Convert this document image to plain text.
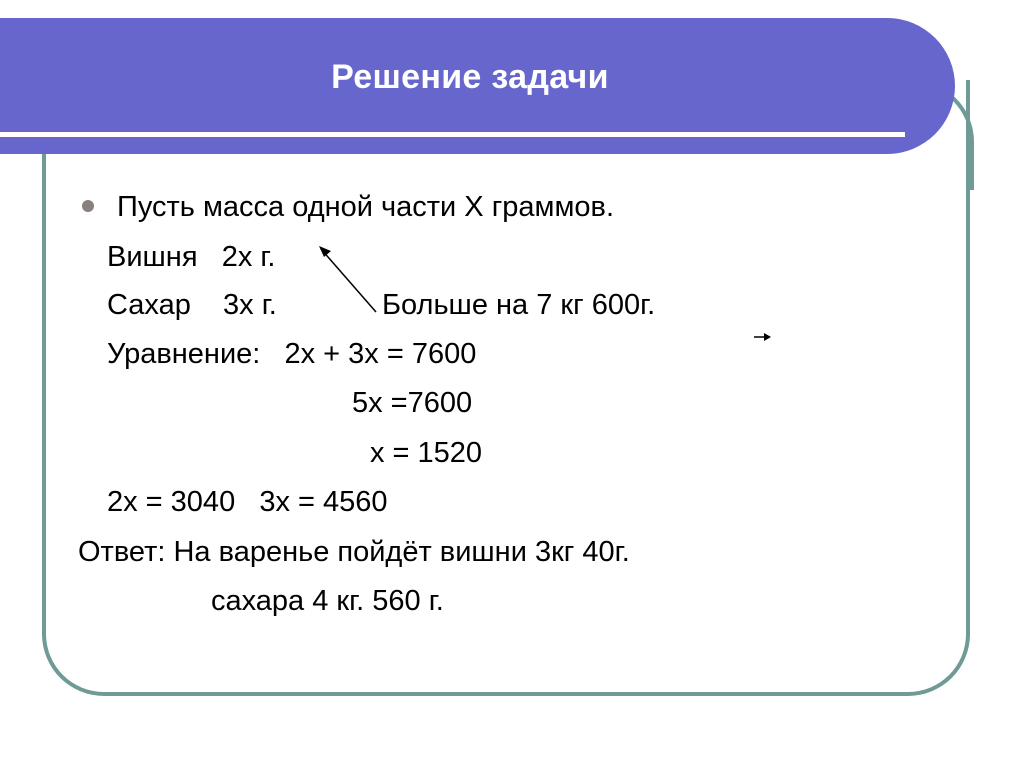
Решение задачи
Пусть масса одной части Х граммов.
Вишня   2х г.
Сахар    3х г.	Больше на 7 кг 600г.
Уравнение:   2х + 3х = 7600
5х =7600
х = 1520
2х = 3040   3х = 4560
Ответ: На варенье пойдёт вишни 3кг 40г.
сахара 4 кг. 560 г.
